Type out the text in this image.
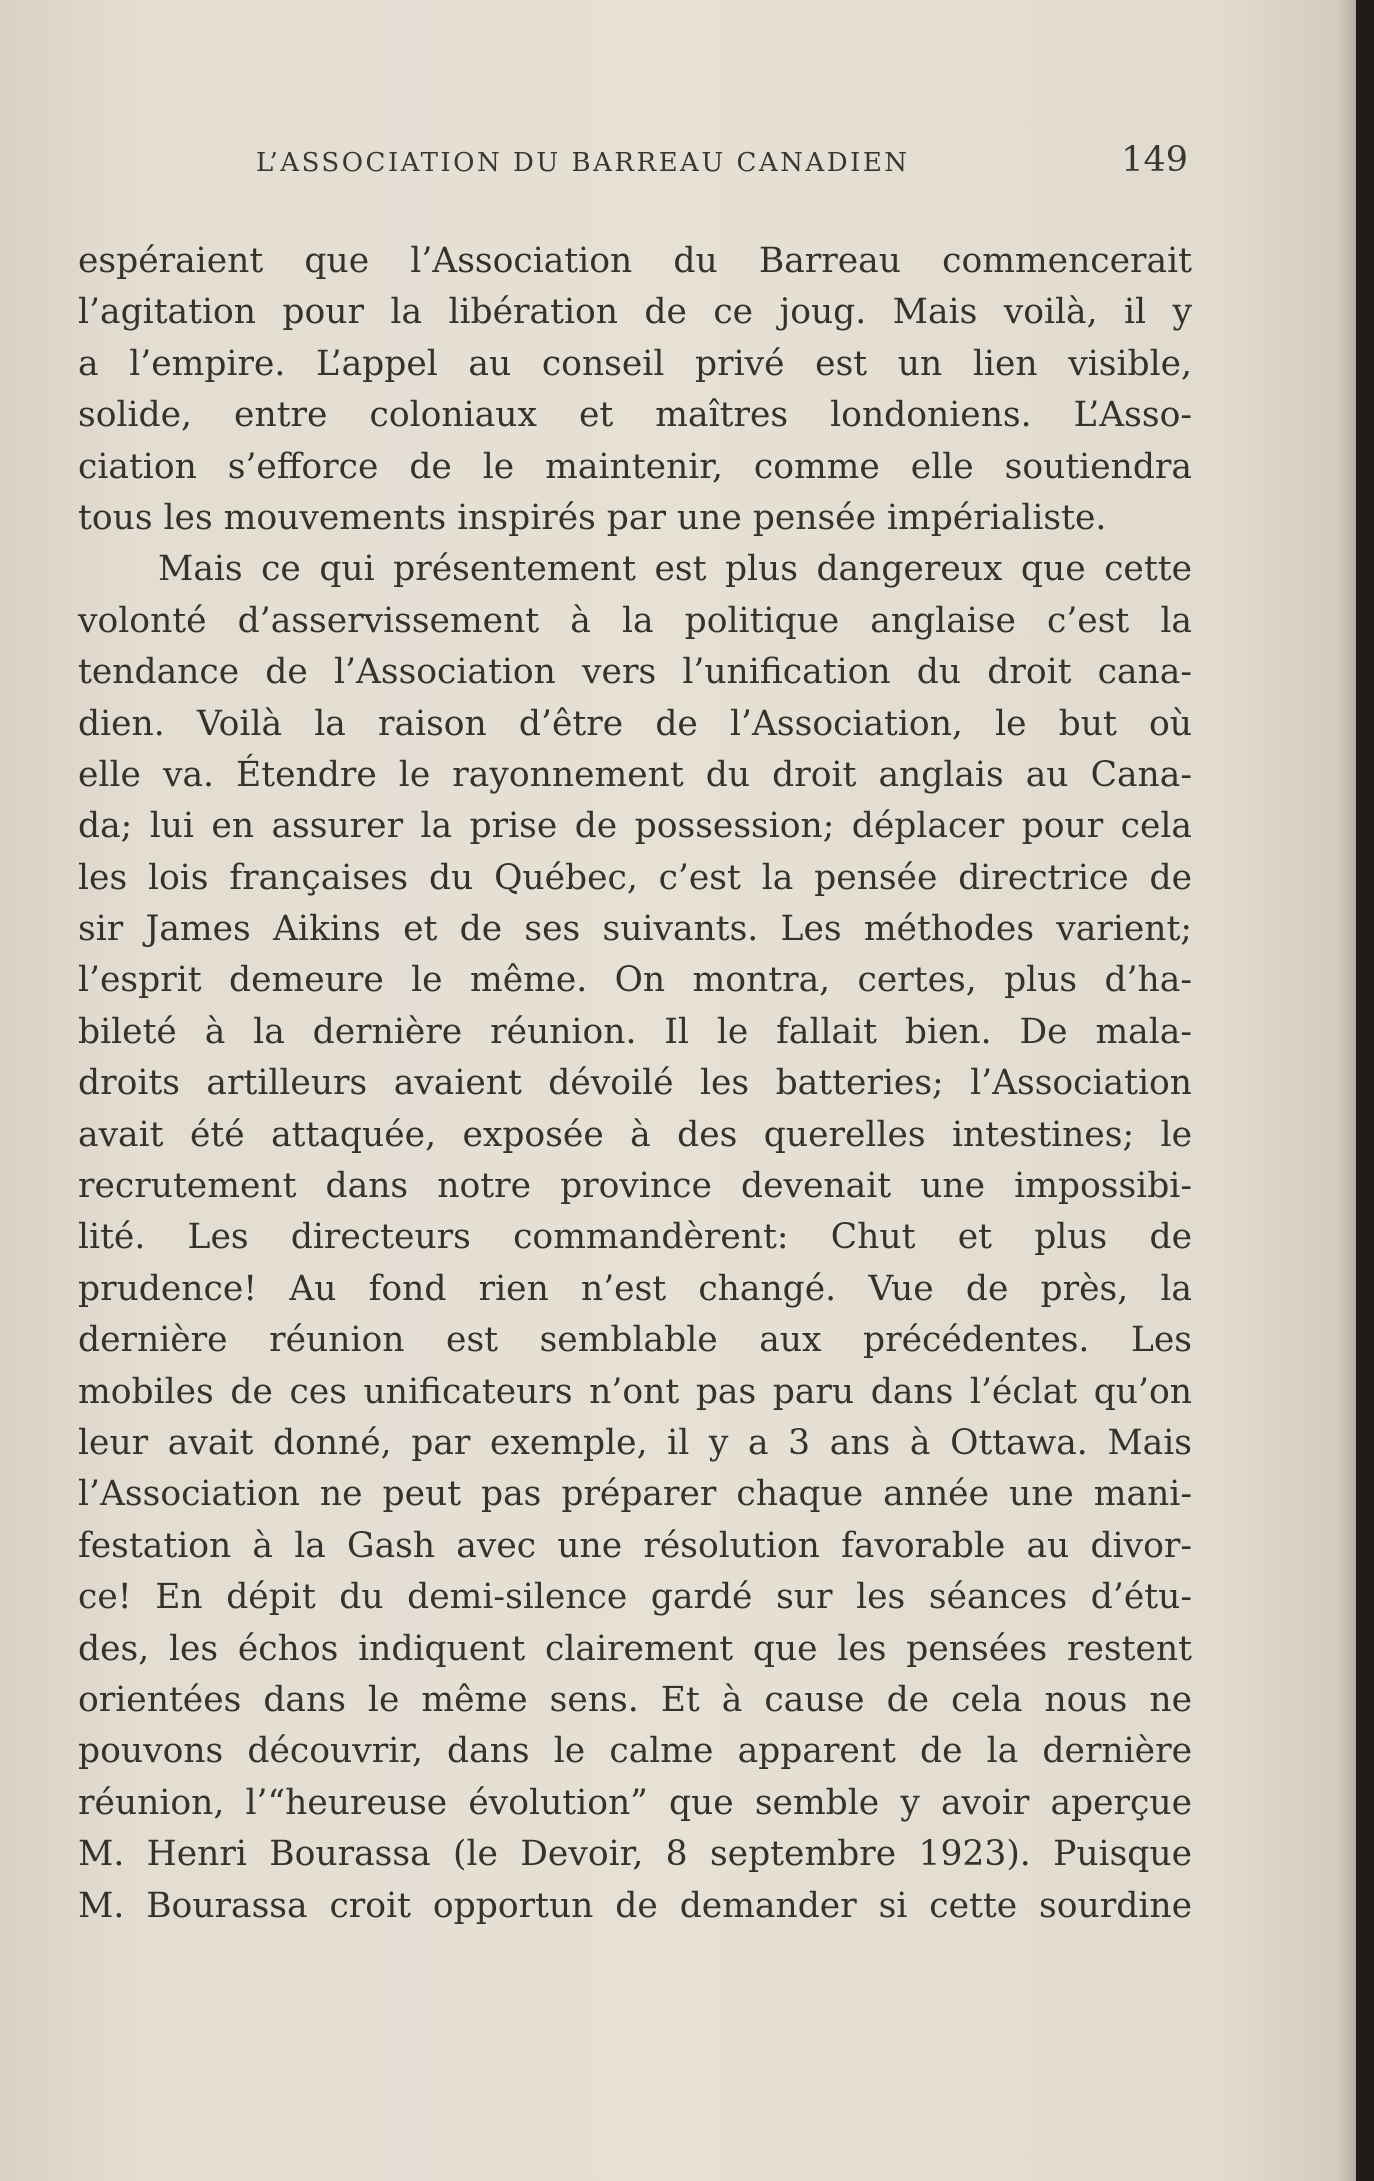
L’ASSOCIATION DU BARREAU CANADIEN	149
espéraient que l’Association du Barreau commencerait
l’agitation pour la libération de ce joug. Mais voilà, il y
a l’empire. L’appel au conseil privé est un lien visible,
solide, entre coloniaux et maîtres londoniens. L’Asso-
ciation s’efforce de le maintenir, comme elle soutiendra
tous les mouvements inspirés par une pensée impérialiste.
Mais ce qui présentement est plus dangereux que cette
volonté d’asservissement à la politique anglaise c’est la
tendance de l’Association vers l’unification du droit cana-
dien. Voilà la raison d’être de l’Association, le but où
elle va. Étendre le rayonnement du droit anglais au Cana-
da; lui en assurer la prise de possession; déplacer pour cela
les lois françaises du Québec, c’est la pensée directrice de
sir James Aikins et de ses suivants. Les méthodes varient;
l’esprit demeure le même. On montra, certes, plus d’ha-
bileté à la dernière réunion. Il le fallait bien. De mala-
droits artilleurs avaient dévoilé les batteries; l’Association
avait été attaquée, exposée à des querelles intestines; le
recrutement dans notre province devenait une impossibi-
lité. Les directeurs commandèrent: Chut et plus de
prudence! Au fond rien n’est changé. Vue de près, la
dernière réunion est semblable aux précédentes. Les
mobiles de ces unificateurs n’ont pas paru dans l’éclat qu’on
leur avait donné, par exemple, il y a 3 ans à Ottawa. Mais
l’Association ne peut pas préparer chaque année une mani-
festation à la Gash avec une résolution favorable au divor-
ce! En dépit du demi-silence gardé sur les séances d’étu-
des, les échos indiquent clairement que les pensées restent
orientées dans le même sens. Et à cause de cela nous ne
pouvons découvrir, dans le calme apparent de la dernière
réunion, l’“heureuse évolution” que semble y avoir aperçue
M. Henri Bourassa (le Devoir, 8 septembre 1923). Puisque
M. Bourassa croit opportun de demander si cette sourdine
